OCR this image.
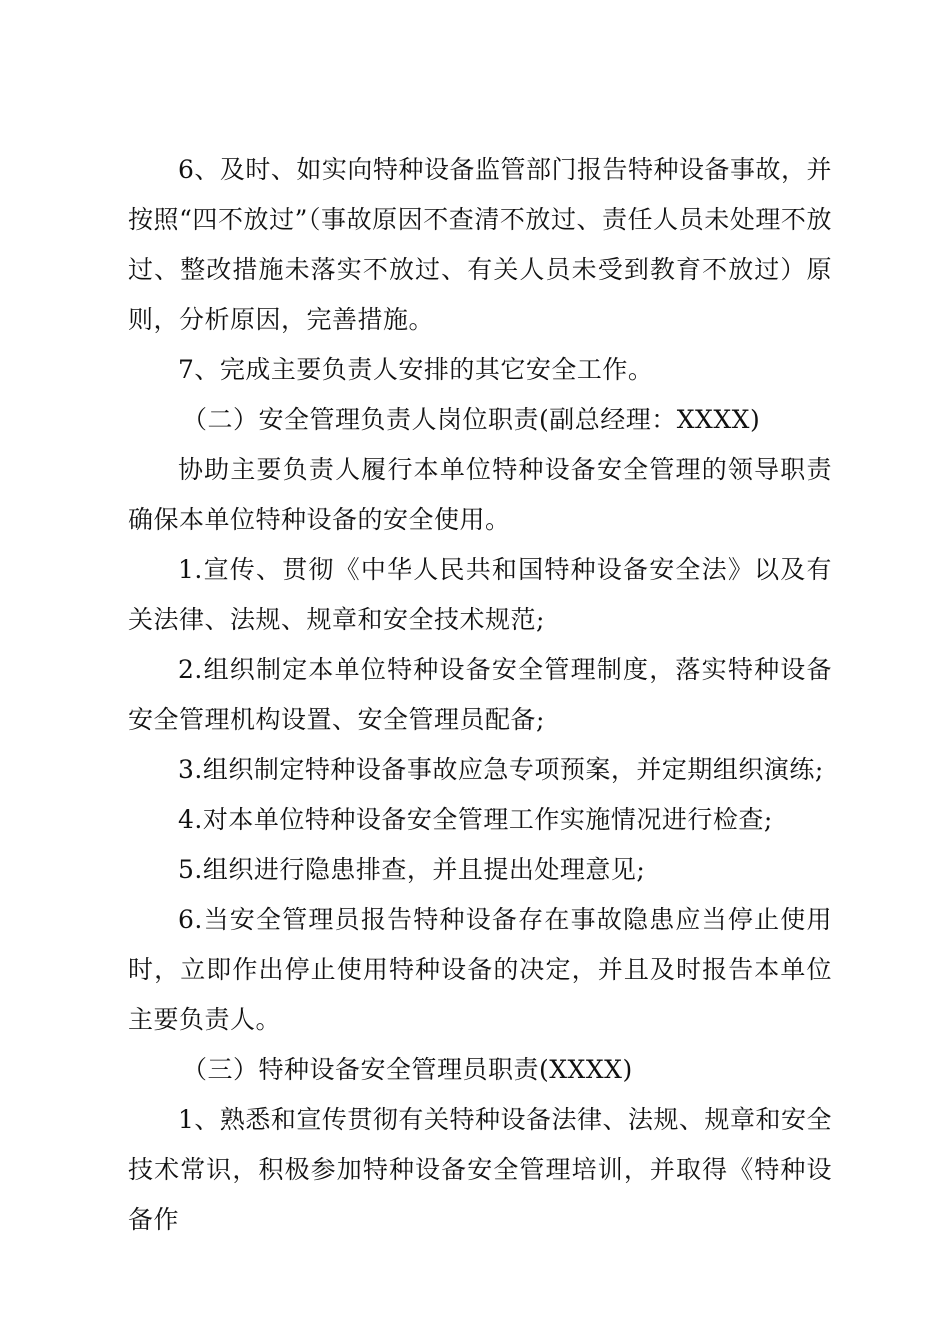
6、及时、如实向特种设备监管部门报告特种设备事故，并按照“四不放过”（事故原因不查清不放过、责任人员未处理不放过、整改措施未落实不放过、有关人员未受到教育不放过）原则，分析原因，完善措施。

7、完成主要负责人安排的其它安全工作。

（二）安全管理负责人岗位职责(副总经理：XXXX)

协助主要负责人履行本单位特种设备安全管理的领导职责确保本单位特种设备的安全使用。

1.宣传、贯彻《中华人民共和国特种设备安全法》以及有关法律、法规、规章和安全技术规范;

2.组织制定本单位特种设备安全管理制度，落实特种设备安全管理机构设置、安全管理员配备;

3.组织制定特种设备事故应急专项预案，并定期组织演练;

4.对本单位特种设备安全管理工作实施情况进行检查;

5.组织进行隐患排查，并且提出处理意见;

6.当安全管理员报告特种设备存在事故隐患应当停止使用时，立即作出停止使用特种设备的决定，并且及时报告本单位主要负责人。

（三）特种设备安全管理员职责(XXXX)

1、熟悉和宣传贯彻有关特种设备法律、法规、规章和安全技术常识，积极参加特种设备安全管理培训，并取得《特种设备作
